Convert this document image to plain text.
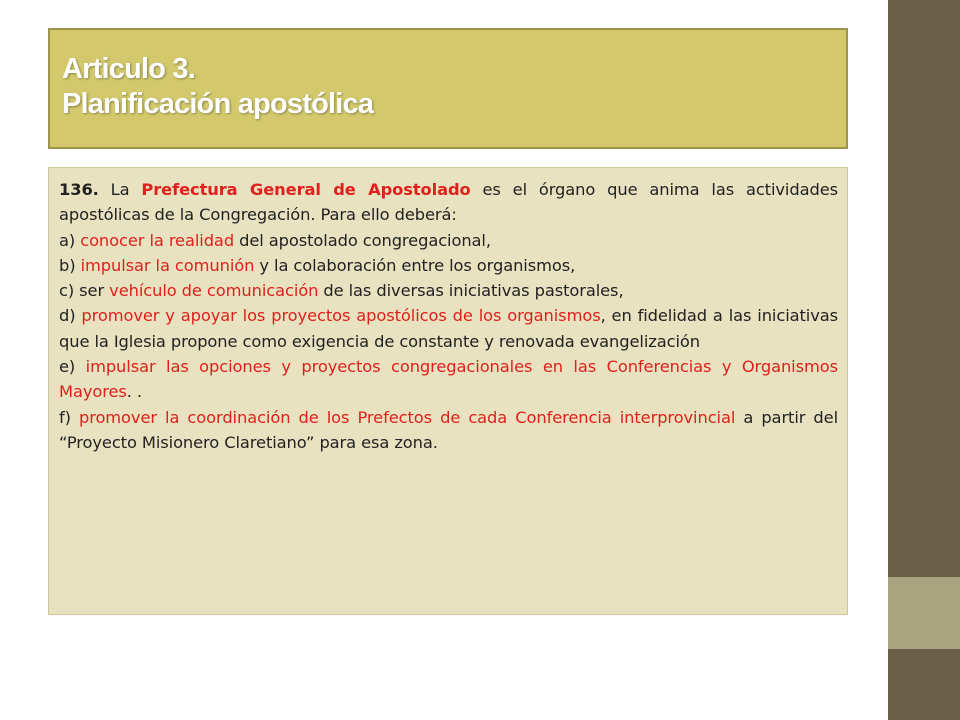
Articulo 3.
Planificación apostólica

136. La Prefectura General de Apostolado es el órgano que anima las actividades apostólicas de la Congregación. Para ello deberá:

a) conocer la realidad del apostolado congregacional,

b) impulsar la comunión y la colaboración entre los organismos,

c) ser vehículo de comunicación de las diversas iniciativas pastorales,

d) promover y apoyar los proyectos apostólicos de los organismos, en fidelidad a las iniciativas que la Iglesia propone como exigencia de constante y renovada evangelización

e) impulsar las opciones y proyectos congregacionales en las Conferencias y Organismos Mayores. .

f) promover la coordinación de los Prefectos de cada Conferencia interprovincial a partir del “Proyecto Misionero Claretiano” para esa zona.
